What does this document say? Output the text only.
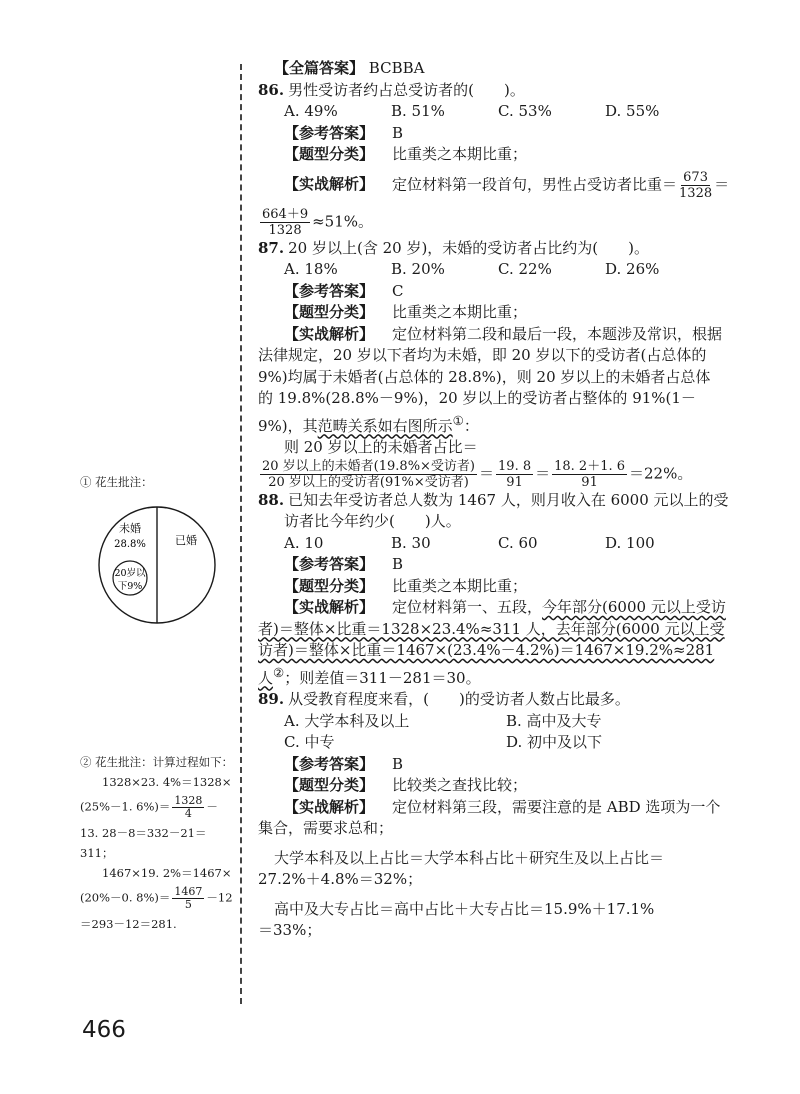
【全篇答案】 BCBBA
86. 男性受访者约占总受访者的(　　)。
A. 49%	B. 51%	C. 53%	D. 55%
【参考答案】 B
【题型分类】 比重类之本期比重；
【实战解析】 定位材料第一段首句，男性占受访者比重＝ $\frac{673}{1328}$ ＝
$\frac{664+9}{1328} \approx 51\%$。
87. 20 岁以上(含 20 岁)，未婚的受访者占比约为(　　)。
A. 18%	B. 20%	C. 22%	D. 26%
【参考答案】 C
【题型分类】 比重类之本期比重；
【实战解析】 定位材料第二段和最后一段，本题涉及常识，根据
法律规定，20 岁以下者均为未婚，即 20 岁以下的受访者(占总体的
9%)均属于未婚者(占总体的 28.8%)，则 20 岁以上的未婚者占总体
的 19.8%(28.8%－9%)，20 岁以上的受访者占整体的 91%(1－
9%)，其范畴关系如右图所示①：
则 20 岁以上的未婚者占比＝
$\frac{\text{20 岁以上的未婚者(19.8\%×受访者)}}{\text{20 岁以上的受访者(91\%×受访者)}} = \frac{19. 8}{91} = \frac{18. 2+1. 6}{91} =22\%$。
88. 已知去年受访者总人数为 1467 人，则月收入在 6000 元以上的受
访者比今年约少(　　)人。
A. 10	B. 30	C. 60	D. 100
【参考答案】 B
【题型分类】 比重类之本期比重；
【实战解析】 定位材料第一、五段，今年部分(6000 元以上受访
者)＝整体×比重＝1328×23.4%≈311 人，去年部分(6000 元以上受
访者)＝整体×比重＝1467×(23.4%－4.2%)＝1467×19.2%≈281
人②；则差值＝311－281＝30。
89. 从受教育程度来看，(　　)的受访者人数占比最多。
A. 大学本科及以上	B. 高中及大专
C. 中专	D. 初中及以下
【参考答案】 B
【题型分类】 比较类之查找比较；
【实战解析】 定位材料第三段，需要注意的是 ABD 选项为一个
集合，需要求总和；
大学本科及以上占比＝大学本科占比＋研究生及以上占比＝
27.2%＋4.8%＝32%；
高中及大专占比＝高中占比＋大专占比＝15.9%＋17.1%
＝33%；
① 花生批注：
未婚
28.8%
20岁以
下9%
已婚
② 花生批注：计算过程如下：
1328×23. 4%＝1328×
(25%－1. $6\%)= \frac{1328}{4}$ －
13. 28－8＝332－21＝311；
1467×19. 2%＝1467×
(20%－0. $8\%)= \frac{1467}{5} -12$
＝293－12＝281.
466
